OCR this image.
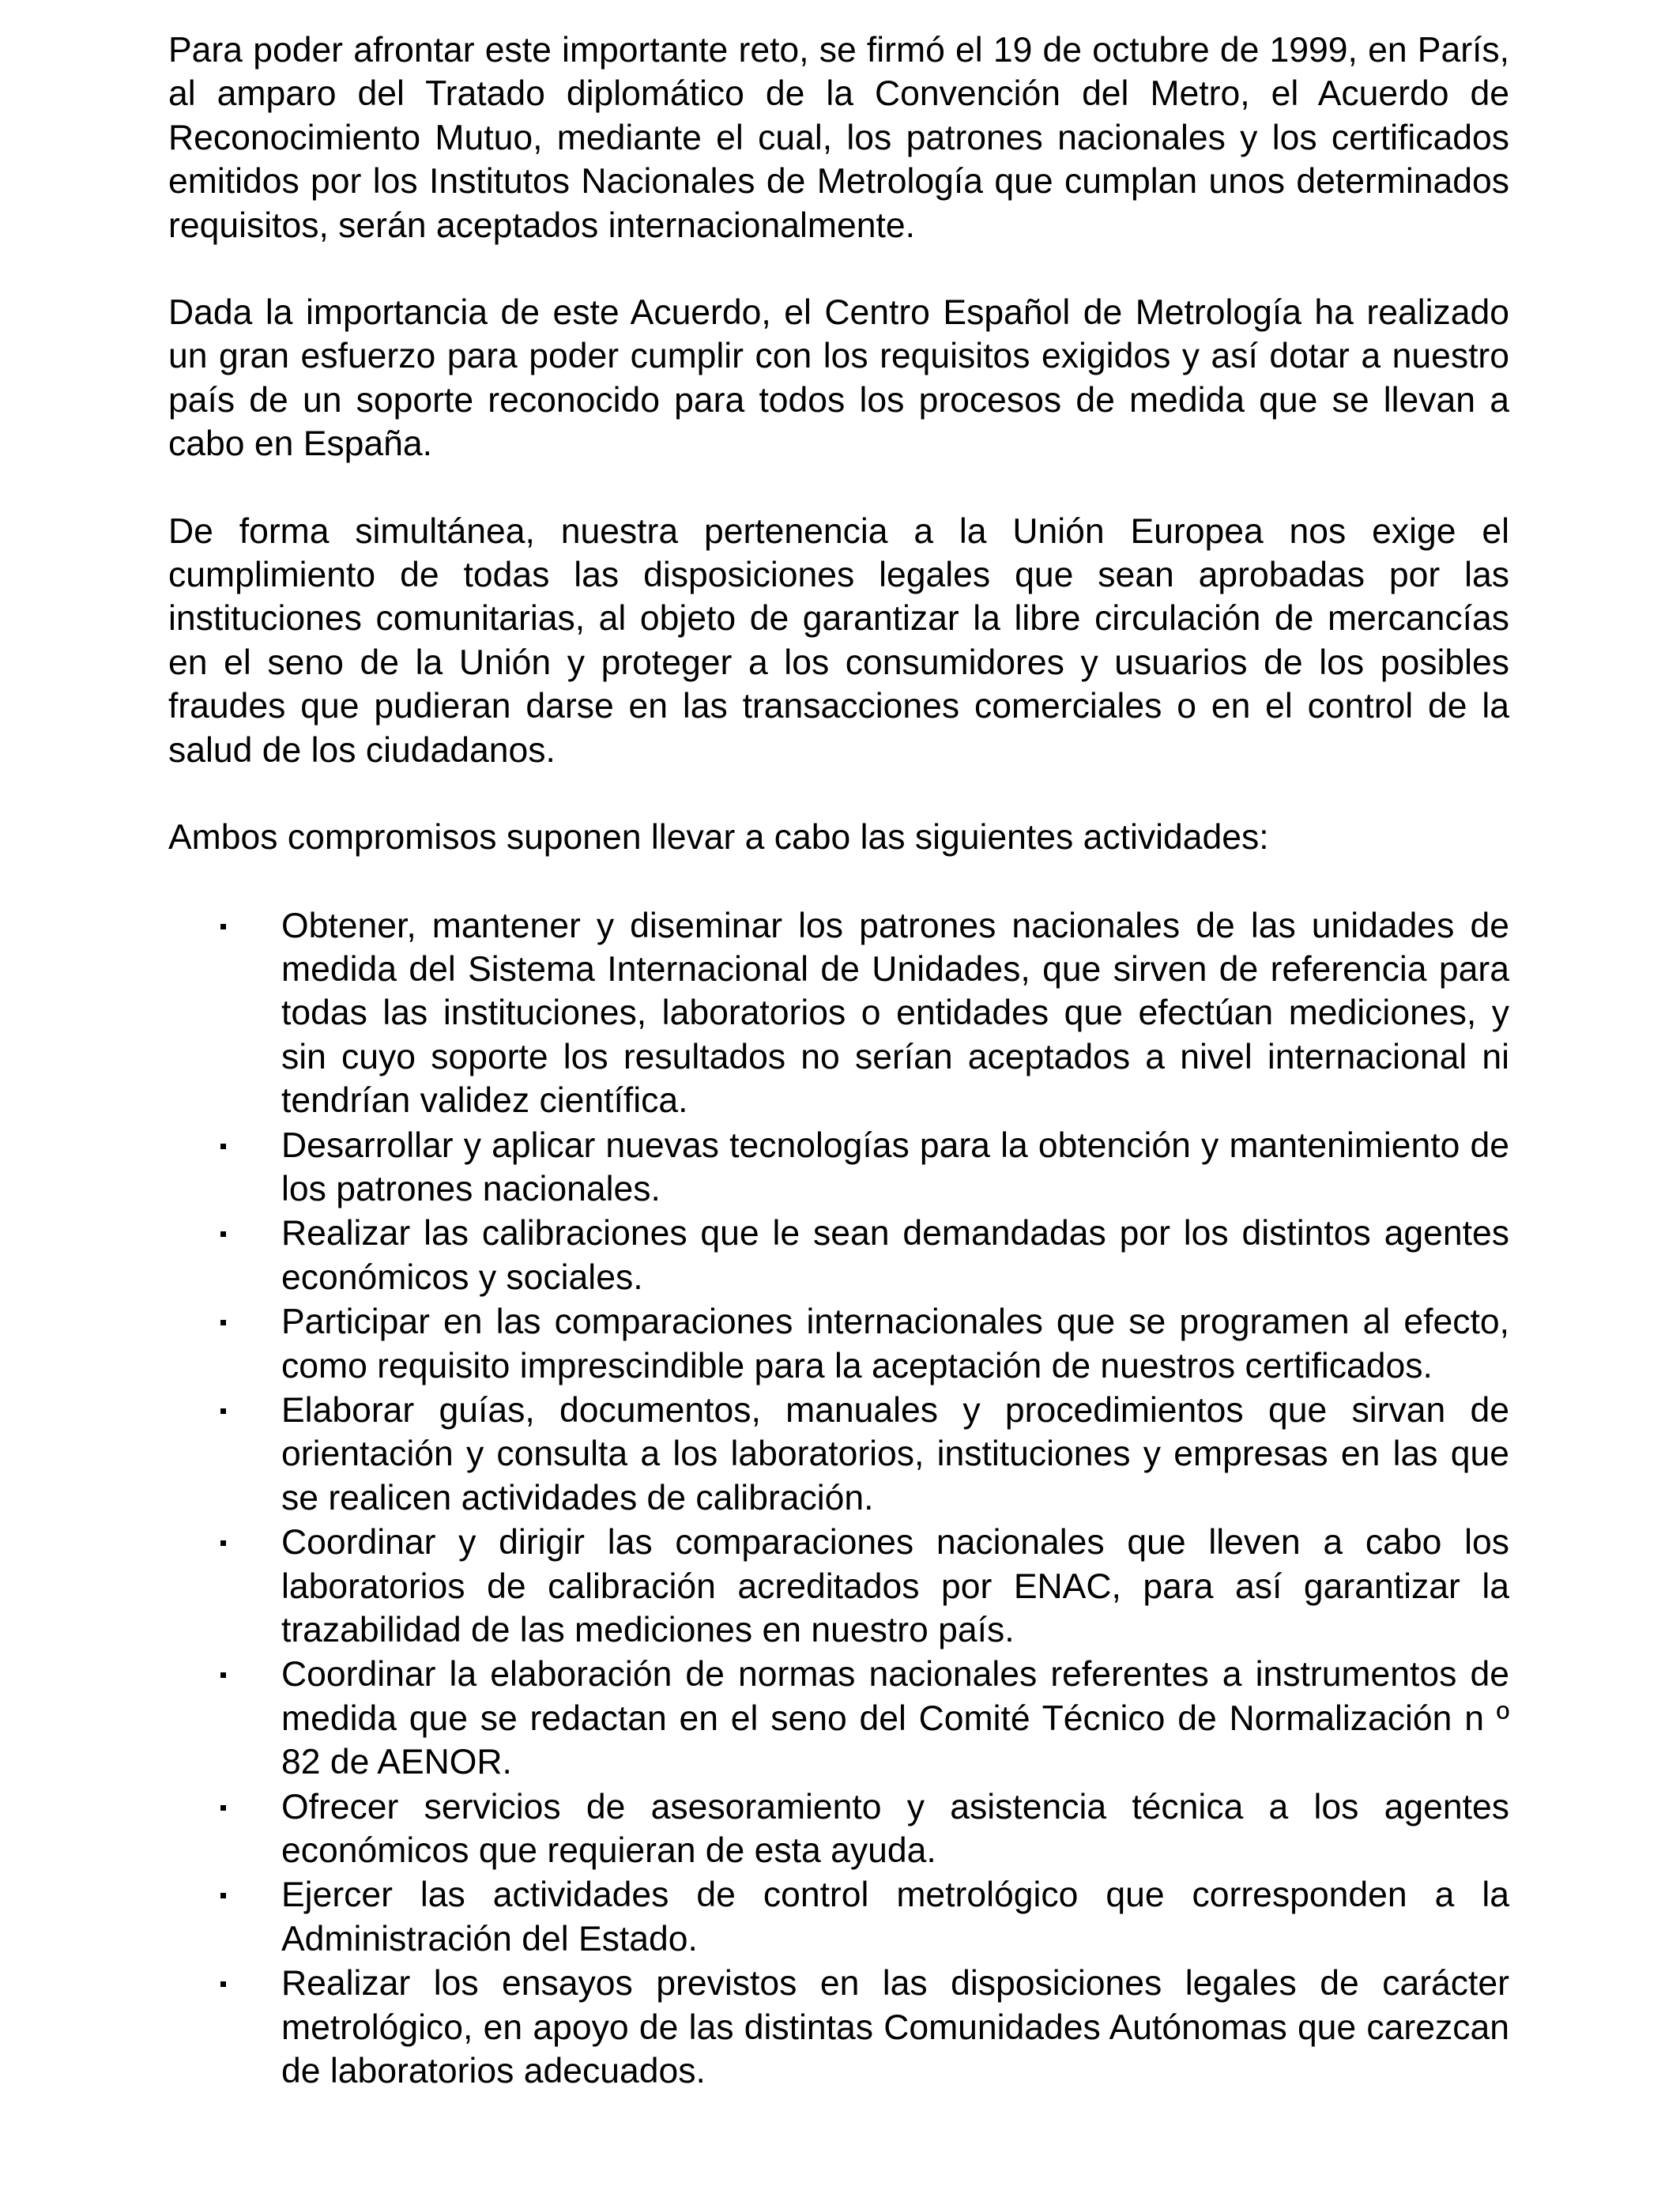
Para poder afrontar este importante reto, se firmó el 19 de octubre de 1999, en París, al amparo del Tratado diplomático de la Convención del Metro, el Acuerdo de Reconocimiento Mutuo, mediante el cual, los patrones nacionales y los certificados emitidos por los Institutos Nacionales de Metrología que cumplan unos determinados requisitos, serán aceptados internacionalmente.

Dada la importancia de este Acuerdo, el Centro Español de Metrología ha realizado un gran esfuerzo para poder cumplir con los requisitos exigidos y así dotar a nuestro país de un soporte reconocido para todos los procesos de medida que se llevan a cabo en España.

De forma simultánea, nuestra pertenencia a la Unión Europea nos exige el cumplimiento de todas las disposiciones legales que sean aprobadas por las instituciones comunitarias, al objeto de garantizar la libre circulación de mercancías en el seno de la Unión y proteger a los consumidores y usuarios de los posibles fraudes que pudieran darse en las transacciones comerciales o en el control de la salud de los ciudadanos.

Ambos compromisos suponen llevar a cabo las siguientes actividades:

Obtener, mantener y diseminar los patrones nacionales de las unidades de medida del Sistema Internacional de Unidades, que sirven de referencia para todas las instituciones, laboratorios o entidades que efectúan mediciones, y sin cuyo soporte los resultados no serían aceptados a nivel internacional ni tendrían validez científica.
Desarrollar y aplicar nuevas tecnologías para la obtención y mantenimiento de los patrones nacionales.
Realizar las calibraciones que le sean demandadas por los distintos agentes económicos y sociales.
Participar en las comparaciones internacionales que se programen al efecto, como requisito imprescindible para la aceptación de nuestros certificados.
Elaborar guías, documentos, manuales y procedimientos que sirvan de orientación y consulta a los laboratorios, instituciones y empresas en las que se realicen actividades de calibración.
Coordinar y dirigir las comparaciones nacionales que lleven a cabo los laboratorios de calibración acreditados por ENAC, para así garantizar la trazabilidad de las mediciones en nuestro país.
Coordinar la elaboración de normas nacionales referentes a instrumentos de medida que se redactan en el seno del Comité Técnico de Normalización n º 82 de AENOR.
Ofrecer servicios de asesoramiento y asistencia técnica a los agentes económicos que requieran de esta ayuda.
Ejercer las actividades de control metrológico que corresponden a la Administración del Estado.
Realizar los ensayos previstos en las disposiciones legales de carácter metrológico, en apoyo de las distintas Comunidades Autónomas que carezcan de laboratorios adecuados.
